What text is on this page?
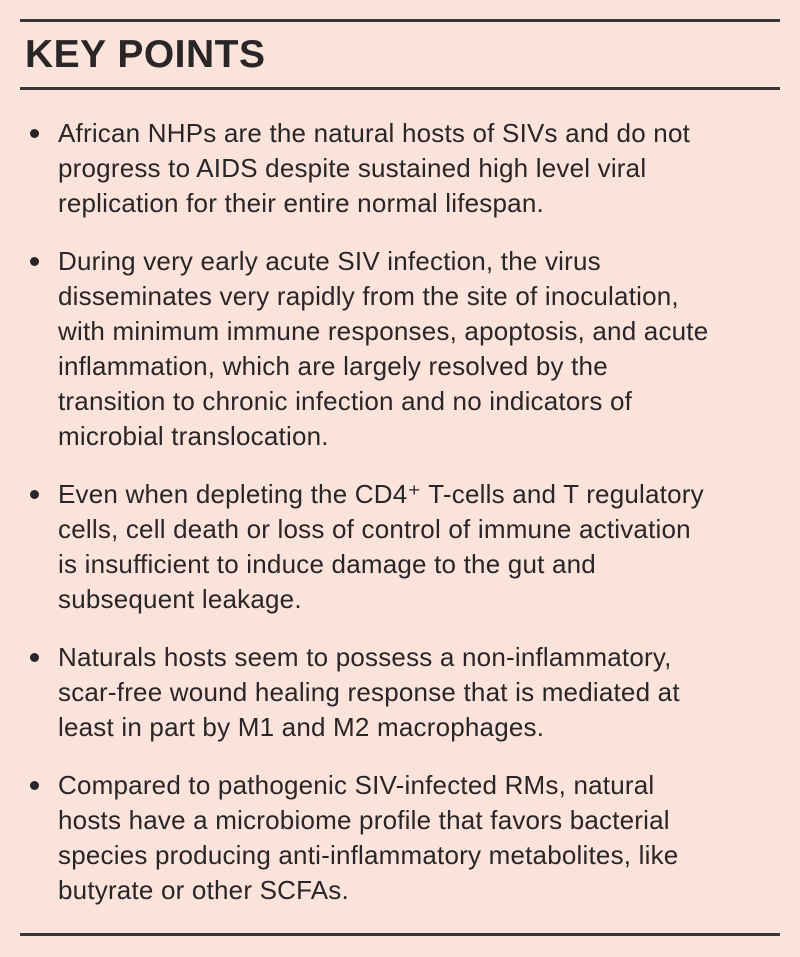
KEY POINTS
African NHPs are the natural hosts of SIVs and do not
progress to AIDS despite sustained high level viral
replication for their entire normal lifespan.
During very early acute SIV infection, the virus
disseminates very rapidly from the site of inoculation,
with minimum immune responses, apoptosis, and acute
inflammation, which are largely resolved by the
transition to chronic infection and no indicators of
microbial translocation.
Even when depleting the CD4⁺ T-cells and T regulatory
cells, cell death or loss of control of immune activation
is insufficient to induce damage to the gut and
subsequent leakage.
Naturals hosts seem to possess a non-inflammatory,
scar-free wound healing response that is mediated at
least in part by M1 and M2 macrophages.
Compared to pathogenic SIV-infected RMs, natural
hosts have a microbiome profile that favors bacterial
species producing anti-inflammatory metabolites, like
butyrate or other SCFAs.
